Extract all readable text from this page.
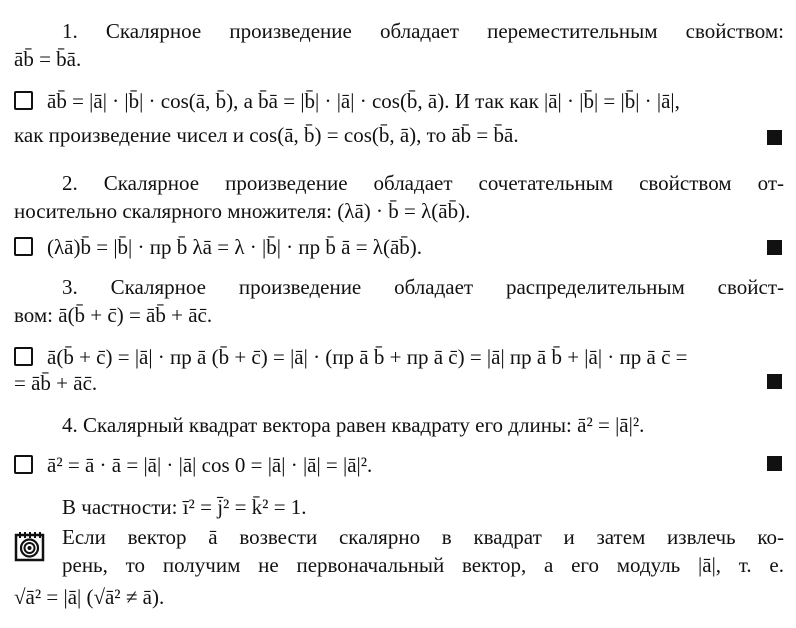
1. Скалярное произведение обладает переместительным свойством:
āb̄ = b̄ā.
āb̄ = |ā| · |b̄| · cos(ā, b̄), а b̄ā = |b̄| · |ā| · cos(b̄, ā). И так как |ā| · |b̄| = |b̄| · |ā|,
как произведение чисел и cos(ā, b̄) = cos(b̄, ā), то āb̄ = b̄ā.
2. Скалярное произведение обладает сочетательным свойством от-
носительно скалярного множителя: (λā) · b̄ = λ(āb̄).
(λā)b̄ = |b̄| · пр b̄ λā = λ · |b̄| · пр b̄ ā = λ(āb̄).
3. Скалярное произведение обладает распределительным свойст-
вом: ā(b̄ + c̄) = āb̄ + āc̄.
ā(b̄ + c̄) = |ā| · пр ā (b̄ + c̄) = |ā| · (пр ā b̄ + пр ā c̄) = |ā| пр ā b̄ + |ā| · пр ā c̄ =
= āb̄ + āc̄.
4. Скалярный квадрат вектора равен квадрату его длины: ā² = |ā|².
ā² = ā · ā = |ā| · |ā| cos 0 = |ā| · |ā| = |ā|².
В частности: ī² = j̄² = k̄² = 1.
Если вектор ā возвести скалярно в квадрат и затем извлечь ко-
рень, то получим не первоначальный вектор, а его модуль |ā|, т. е.
√ā² = |ā| (√ā² ≠ ā).
